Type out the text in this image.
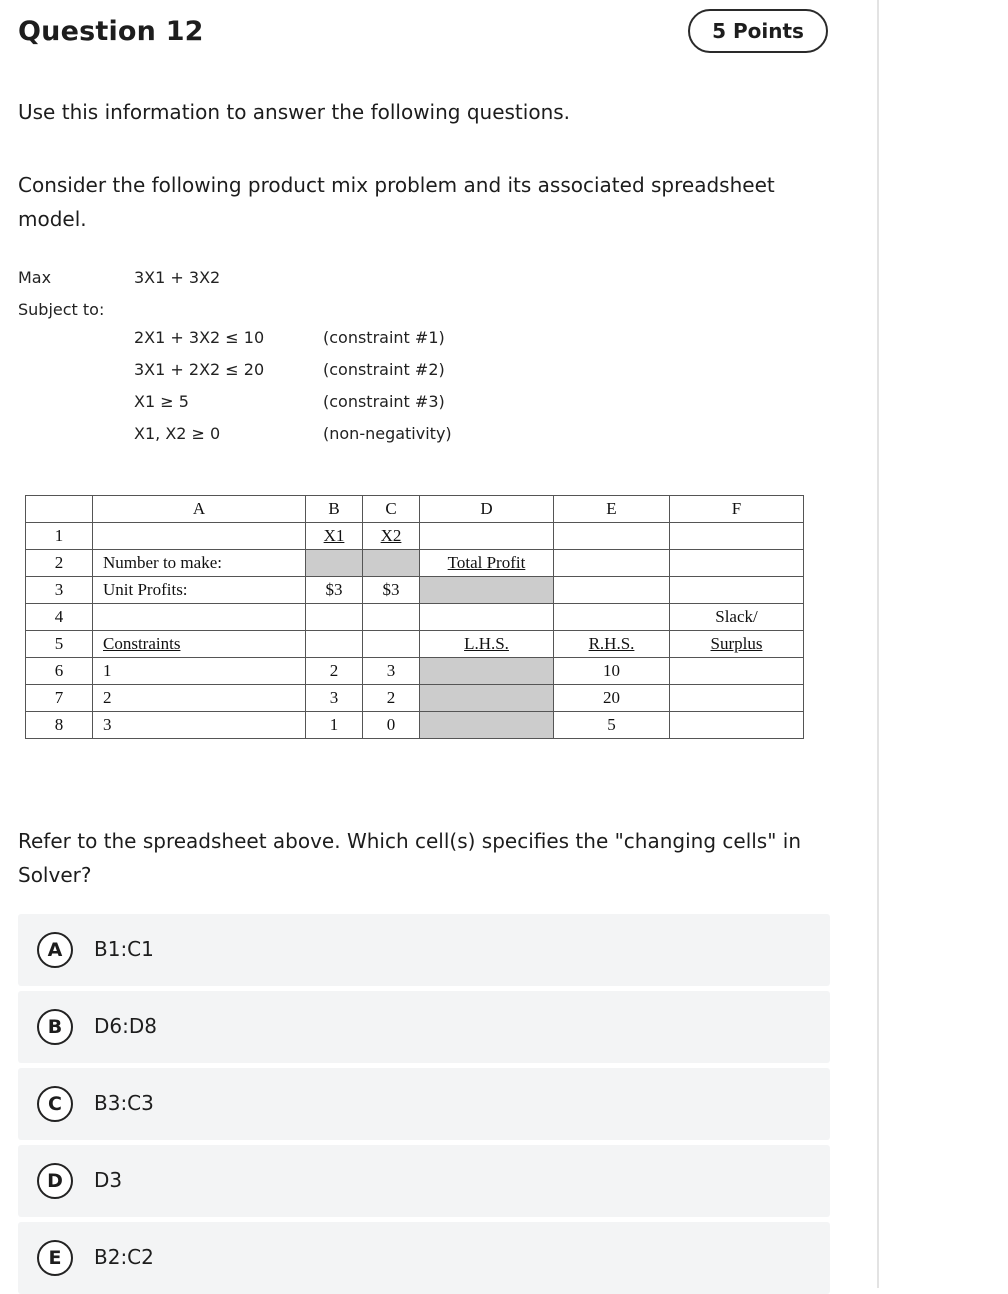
Question 12	5 Points
Use this information to answer the following questions.
Consider the following product mix problem and its associated spreadsheet model.
Max	3X1 + 3X2
Subject to:
2X1 + 3X2 ≤ 10	(constraint #1)
3X1 + 2X2 ≤ 20	(constraint #2)
X1 ≥ 5	(constraint #3)
X1, X2 ≥ 0	(non-negativity)
	A	B	C	D	E	F
1		X1	X2			
2	Number to make:			Total Profit		
3	Unit Profits:	$3	$3			
4						Slack/
5	Constraints			L.H.S.	R.H.S.	Surplus
6	1	2	3		10	
7	2	3	2		20	
8	3	1	0		5	
Refer to the spreadsheet above. Which cell(s) specifies the "changing cells" in Solver?
A	B1:C1
B	D6:D8
C	B3:C3
D	D3
E	B2:C2
